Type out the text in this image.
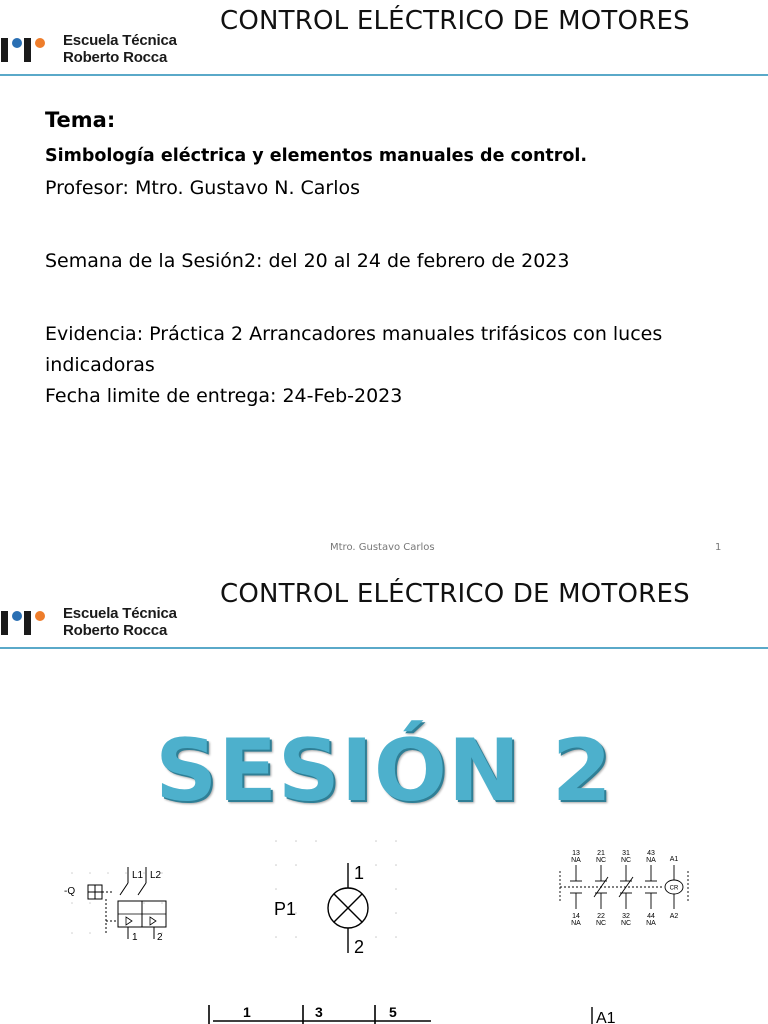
Escuela Técnica
Roberto Rocca
CONTROL ELÉCTRICO DE MOTORES
Tema:
Simbología eléctrica y elementos manuales de control.
Profesor: Mtro. Gustavo N. Carlos
Semana de la Sesión2: del 20 al 24 de febrero de 2023
Evidencia: Práctica 2 Arrancadores manuales trifásicos con luces
indicadoras
Fecha limite de entrega: 24-Feb-2023
Mtro. Gustavo Carlos	1
Escuela Técnica
Roberto Rocca
CONTROL ELÉCTRICO DE MOTORES
SESIÓN 2
-Q
L1 L2
1 2
P1
1
2
13 21 31 43
A1
NA NC NC NA
14 22 32 44 A2
NA NC NC NA
CR
1	3	5	A1
